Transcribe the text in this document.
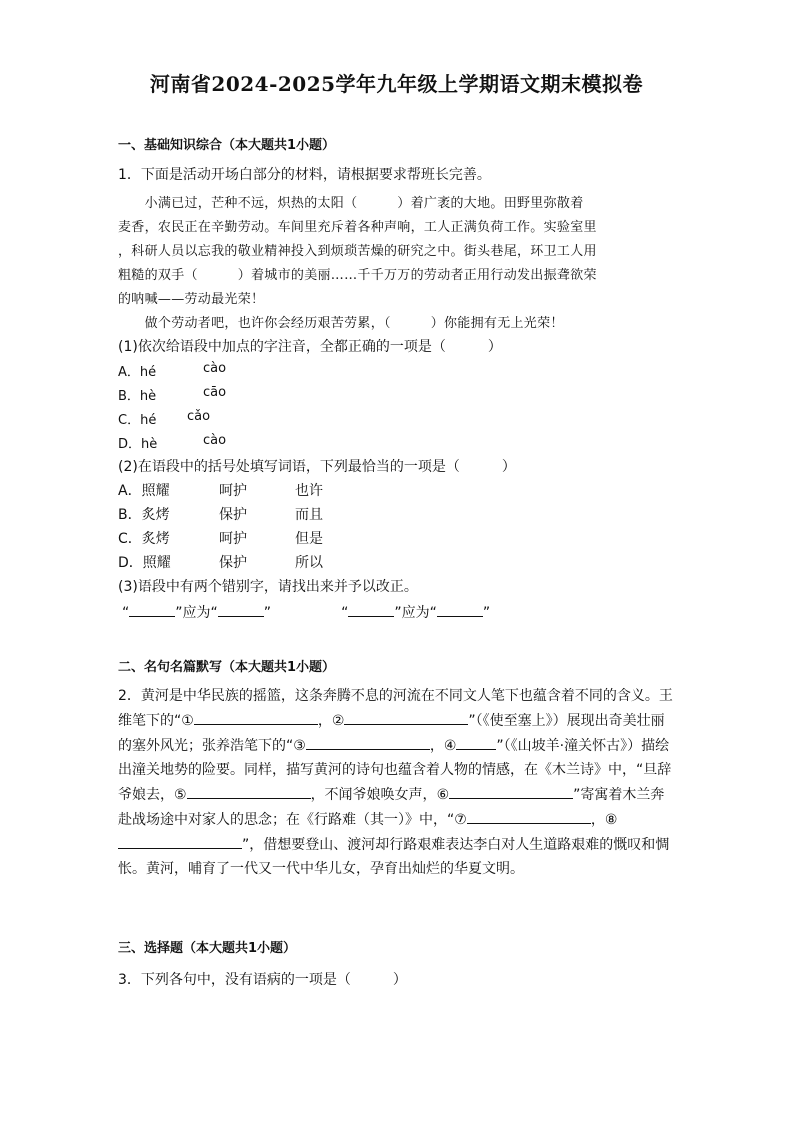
河南省2024-2025学年九年级上学期语文期末模拟卷
一、基础知识综合（本大题共1小题）
1．下面是活动开场白部分的材料，请根据要求帮班长完善。
　　小满已过，芒种不远，炽热的太阳（　　　）着广袤的大地。田野里弥散着
麦香，农民正在辛勤劳动。车间里充斥着各种声响，工人正满负荷工作。实验室里
，科研人员以忘我的敬业精神投入到烦琐苦燥的研究之中。街头巷尾，环卫工人用
粗糙的双手（　　　）着城市的美丽……千千万万的劳动者正用行动发出振聋欲荣
的呐喊——劳动最光荣！
　　做个劳动者吧，也许你会经历艰苦劳累，（　　　）你能拥有无上光荣！
(1)依次给语段中加点的字注音，全都正确的一项是（　　　）
A．hé	cào
B．hè	cāo
C．hé cǎo
D．hè	cào
(2)在语段中的括号处填写词语，下列最恰当的一项是（　　　）
A．照耀	呵护	也许
B．炙烤	保护	而且
C．炙烤	呵护	但是
D．照耀	保护	所以
(3)语段中有两个错别字，请找出来并予以改正。
“	”应为“	”	“	”应为“	”
二、名句名篇默写（本大题共1小题）
2．黄河是中华民族的摇篮，这条奔腾不息的河流在不同文人笔下也蕴含着不同的含义。王维笔下的“①	，②	”（《使至塞上》）展现出奇美壮丽的塞外风光；张养浩笔下的“③	，④	”（《山坡羊·潼关怀古》）描绘出潼关地势的险要。同样，描写黄河的诗句也蕴含着人物的情感，在《木兰诗》中，“旦辞爷娘去，⑤	，不闻爷娘唤女声，⑥	”寄寓着木兰奔赴战场途中对家人的思念；在《行路难（其一）》中，“⑦	，⑧”，借想要登山、渡河却行路艰难表达李白对人生道路艰难的慨叹和惆怅。黄河，哺育了一代又一代中华儿女，孕育出灿烂的华夏文明。
三、选择题（本大题共1小题）
3．下列各句中，没有语病的一项是（　　　）
